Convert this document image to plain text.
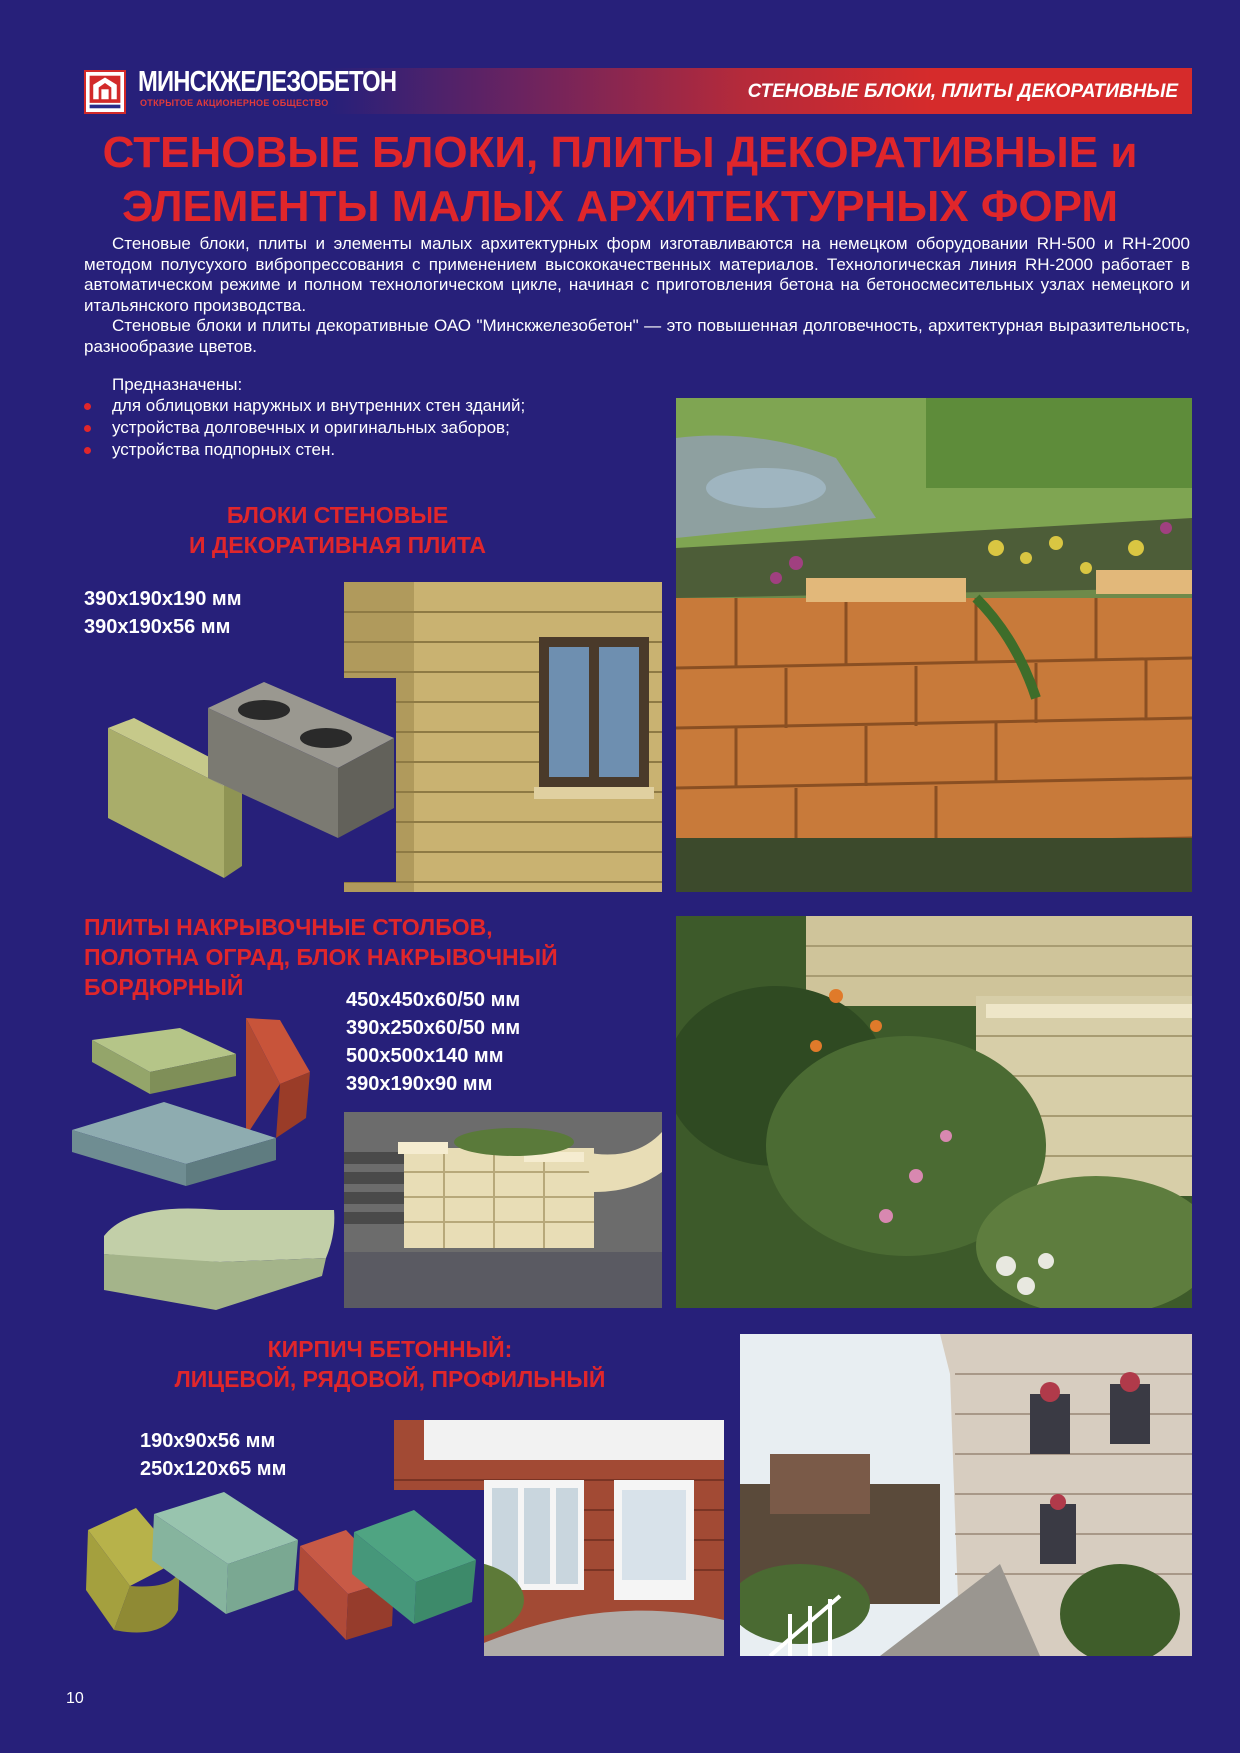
МИНСКЖЕЛЕЗОБЕТОН
ОТКРЫТОЕ АКЦИОНЕРНОЕ ОБЩЕСТВО
СТЕНОВЫЕ БЛОКИ, ПЛИТЫ ДЕКОРАТИВНЫЕ
СТЕНОВЫЕ БЛОКИ, ПЛИТЫ ДЕКОРАТИВНЫЕ и
ЭЛЕМЕНТЫ МАЛЫХ АРХИТЕКТУРНЫХ ФОРМ

Стеновые блоки, плиты и элементы малых архитектурных форм изготавливаются на немецком оборудовании RH-500 и RH-2000 методом полусухого вибропрессования с применением высококачественных материалов. Технологическая линия RH-2000 работает в автоматическом режиме и полном технологическом цикле, начиная с приготовления бетона на бетоносмесительных узлах немецкого и итальянского производства.

Стеновые блоки и плиты декоративные ОАО "Минскжелезобетон" — это повышенная долговечность, архитектурная выразительность, разнообразие цветов.

Предназначены:
для облицовки наружных и внутренних стен зданий;
устройства долговечных и оригинальных заборов;
устройства подпорных стен.
БЛОКИ СТЕНОВЫЕ
И ДЕКОРАТИВНАЯ ПЛИТА
390x190x190 мм
390x190x56 мм
ПЛИТЫ НАКРЫВОЧНЫЕ СТОЛБОВ,
ПОЛОТНА ОГРАД, БЛОК НАКРЫВОЧНЫЙ
БОРДЮРНЫЙ	450x450x60/50 мм
390x250x60/50 мм
500x500x140 мм
390x190x90 мм
КИРПИЧ БЕТОННЫЙ:
ЛИЦЕВОЙ, РЯДОВОЙ, ПРОФИЛЬНЫЙ
190x90x56 мм
250x120x65 мм
10
